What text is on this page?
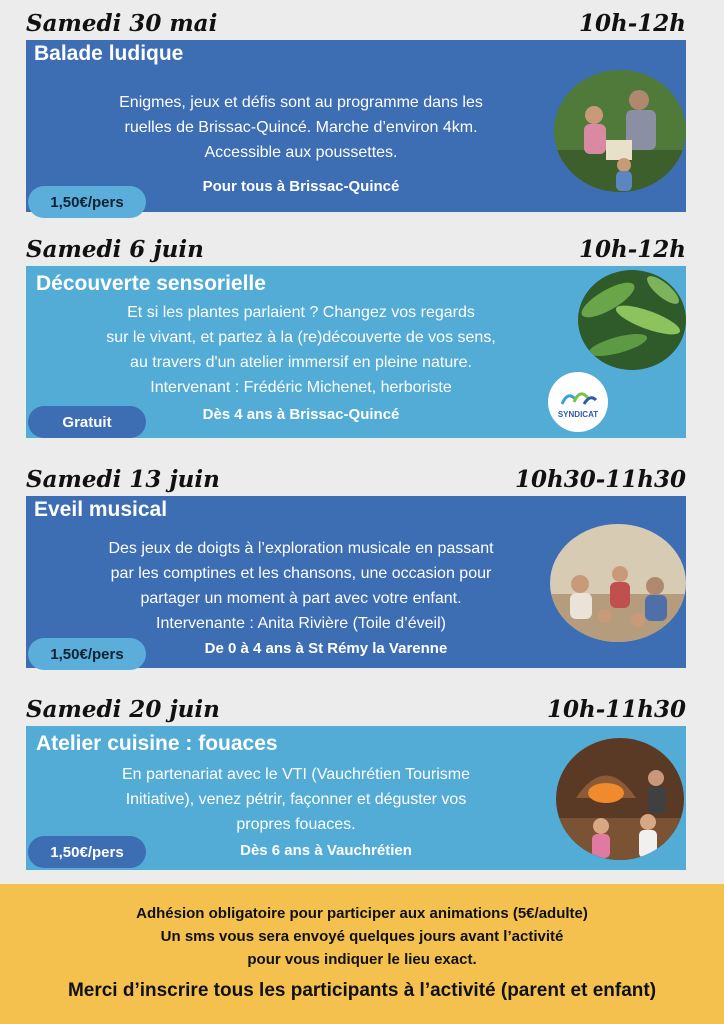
Samedi 30 mai	10h-12h
Balade ludique
Enigmes, jeux et défis sont au programme dans les
ruelles de Brissac-Quincé. Marche d’environ 4km.
Accessible aux poussettes.
Pour tous à Brissac-Quincé
1,50€/pers
Samedi 6 juin	10h-12h
Découverte sensorielle
Et si les plantes parlaient ? Changez vos regards
sur le vivant, et partez à la (re)découverte de vos sens,
au travers d'un atelier immersif en pleine nature.
Intervenant : Frédéric Michenet, herboriste
Dès 4 ans à Brissac-Quincé
Gratuit	SYNDICAT
Samedi 13 juin	10h30-11h30
Eveil musical
Des jeux de doigts à l’exploration musicale en passant
par les comptines et les chansons, une occasion pour
partager un moment à part avec votre enfant.
Intervenante : Anita Rivière (Toile d’éveil)
De 0 à 4 ans à St Rémy la Varenne
1,50€/pers
Samedi 20 juin	10h-11h30
Atelier cuisine : fouaces
En partenariat avec le VTI (Vauchrétien Tourisme
Initiative), venez pétrir, façonner et déguster vos
propres fouaces.
Dès 6 ans à Vauchrétien
1,50€/pers
Adhésion obligatoire pour participer aux animations (5€/adulte)
Un sms vous sera envoyé quelques jours avant l’activité
pour vous indiquer le lieu exact.
Merci d’inscrire tous les participants à l’activité (parent et enfant)
